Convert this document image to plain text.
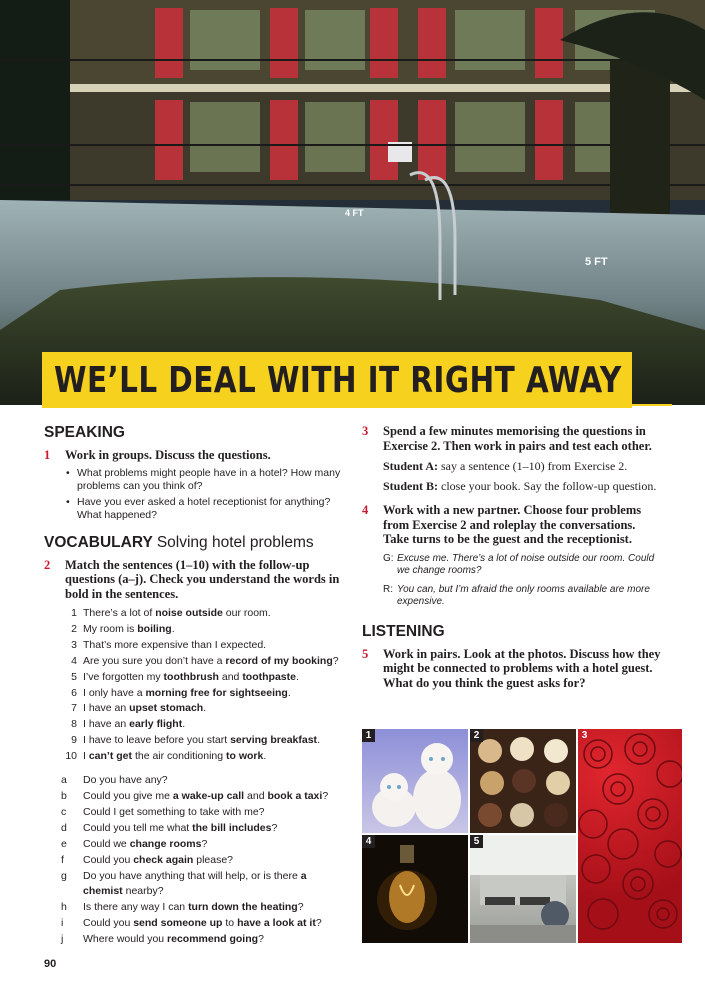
4 FT
5 FT
WE’LL DEAL WITH IT RIGHT AWAY
SPEAKING
1 Work in groups. Discuss the questions.
• What problems might people have in a hotel? How many problems can you think of?
• Have you ever asked a hotel receptionist for anything? What happened?
VOCABULARY Solving hotel problems
2 Match the sentences (1–10) with the follow-up questions (a–j). Check you understand the words in bold in the sentences.
1 There’s a lot of noise outside our room.
2 My room is boiling.
3 That’s more expensive than I expected.
4 Are you sure you don’t have a record of my booking?
5 I’ve forgotten my toothbrush and toothpaste.
6 I only have a morning free for sightseeing.
7 I have an upset stomach.
8 I have an early flight.
9 I have to leave before you start serving breakfast.
10 I can’t get the air conditioning to work.
a	Do you have any?
b	Could you give me a wake-up call and book a taxi?
c	Could I get something to take with me?
d	Could you tell me what the bill includes?
e	Could we change rooms?
f	Could you check again please?
g	Do you have anything that will help, or is there a chemist nearby?
h	Is there any way I can turn down the heating?
i	Could you send someone up to have a look at it?
j	Where would you recommend going?
3 Spend a few minutes memorising the questions in Exercise 2. Then work in pairs and test each other.
Student A: say a sentence (1–10) from Exercise 2.
Student B: close your book. Say the follow-up question.
4 Work with a new partner. Choose four problems from Exercise 2 and roleplay the conversations. Take turns to be the guest and the receptionist.
G: Excuse me. There’s a lot of noise outside our room. Could we change rooms?
R: You can, but I’m afraid the only rooms available are more expensive.
LISTENING
5 Work in pairs. Look at the photos. Discuss how they might be connected to problems with a hotel guest. What do you think the guest asks for?
1	2	3
4	5
90
